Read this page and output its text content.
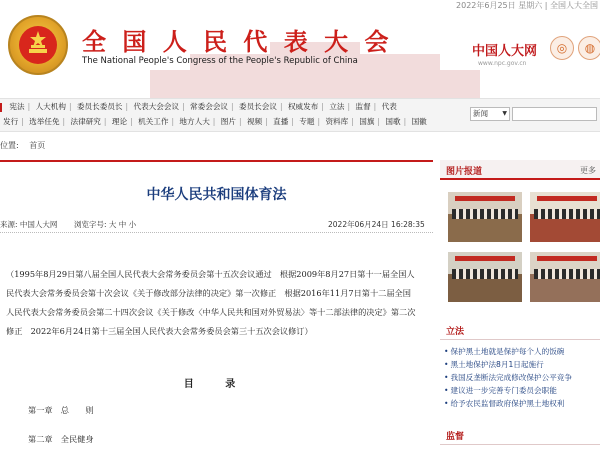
2022年6月25日 星期六 | 全国人大全国
全 国 人 民 代 表 大 会
The National People's Congress of the People's Republic of China
中国人大网
www.npc.gov.cn
◎	◍
宪法 | 人大机构 | 委员长委员长 | 代表大会会议 | 常委会会议 | 委员长会议 | 权威发布 | 立法 | 监督 | 代表
发行 | 选举任免 | 法律研究 | 理论 | 机关工作 | 地方人大 | 图片 | 视频 | 直播 | 专题 | 资料库 | 国旗 | 国歌 | 国徽
新闻 ▼
位置: 首页
中华人民共和国体育法
来源: 中国人大网 浏览字号: 大 中 小	2022年06月24日 16:28:35
（1995年8月29日第八届全国人民代表大会常务委员会第十五次会议通过　根据2009年8月27日第十一届全国人民代表大会常务委员会第十次会议《关于修改部分法律的决定》第一次修正　根据2016年11月7日第十二届全国人民代表大会常务委员会第二十四次会议《关于修改〈中华人民共和国对外贸易法〉等十二部法律的决定》第二次修正　2022年6月24日第十三届全国人民代表大会常务委员会第三十五次会议修订）
目 录
第一章　总　　则
第二章　全民健身
图片报道	更多
立法
• 保护黑土地就是保护每个人的饭碗
• 黑土地保护法8月1日起施行
• 我国反垄断法完成修改保护公平竞争
• 建议进一步完善专门委员会职能
• 给予农民监督政府保护黑土地权利
监督
